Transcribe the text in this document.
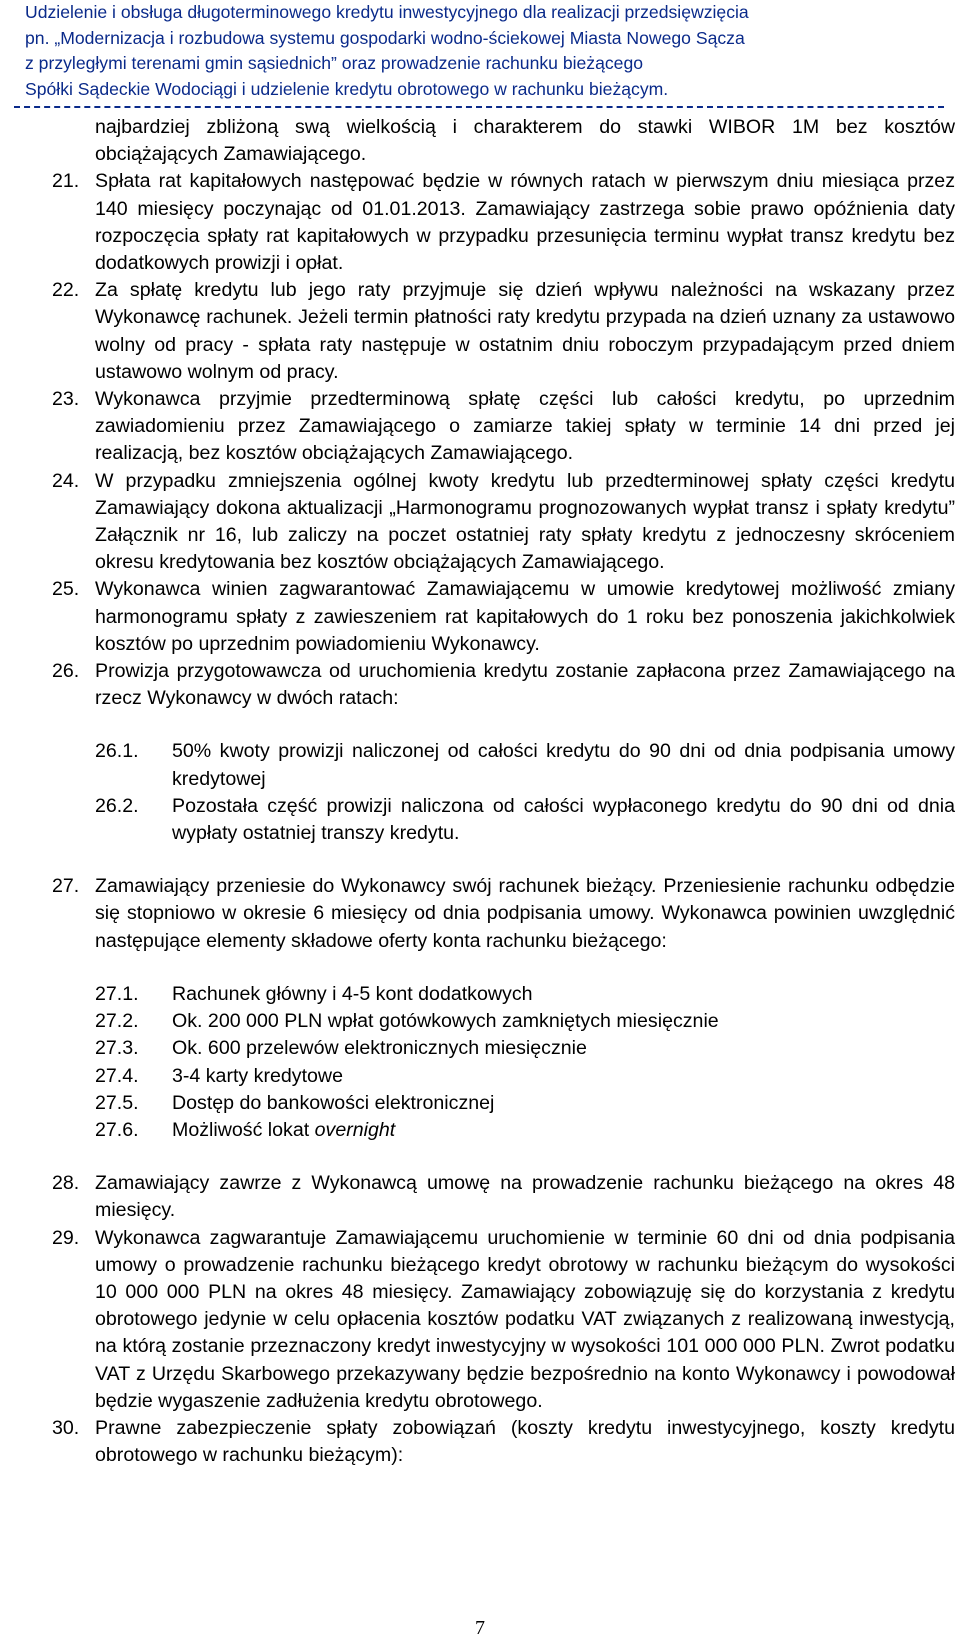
Udzielenie i obsługa długoterminowego kredytu inwestycyjnego dla realizacji przedsięwzięcia
pn. „Modernizacja i rozbudowa systemu gospodarki wodno-ściekowej Miasta Nowego Sącza
z przyległymi terenami gmin sąsiednich” oraz prowadzenie rachunku bieżącego
Spółki Sądeckie Wodociągi i udzielenie kredytu obrotowego w rachunku bieżącym.
najbardziej zbliżoną swą wielkością i charakterem do stawki WIBOR 1M bez kosztów obciążających Zamawiającego.
21. Spłata rat kapitałowych następować będzie w równych ratach w pierwszym dniu miesiąca przez 140 miesięcy poczynając od 01.01.2013. Zamawiający zastrzega sobie prawo opóźnienia daty rozpoczęcia spłaty rat kapitałowych w przypadku przesunięcia terminu wypłat transz kredytu bez dodatkowych prowizji i opłat.
22. Za spłatę kredytu lub jego raty przyjmuje się dzień wpływu należności na wskazany przez Wykonawcę rachunek. Jeżeli termin płatności raty kredytu przypada na dzień uznany za ustawowo wolny od pracy - spłata raty następuje w ostatnim dniu roboczym przypadającym przed dniem ustawowo wolnym od pracy.
23. Wykonawca przyjmie przedterminową spłatę części lub całości kredytu, po uprzednim zawiadomieniu przez Zamawiającego o zamiarze takiej spłaty w terminie 14 dni przed jej realizacją, bez kosztów obciążających Zamawiającego.
24. W przypadku zmniejszenia ogólnej kwoty kredytu lub przedterminowej spłaty części kredytu Zamawiający dokona aktualizacji „Harmonogramu prognozowanych wypłat transz i spłaty kredytu” Załącznik nr 16, lub zaliczy na poczet ostatniej raty spłaty kredytu z jednoczesny skróceniem okresu kredytowania bez kosztów obciążających Zamawiającego.
25. Wykonawca winien zagwarantować Zamawiającemu w umowie kredytowej możliwość zmiany harmonogramu spłaty z zawieszeniem rat kapitałowych do 1 roku bez ponoszenia jakichkolwiek kosztów po uprzednim powiadomieniu Wykonawcy.
26. Prowizja przygotowawcza od uruchomienia kredytu zostanie zapłacona przez Zamawiającego na rzecz Wykonawcy w dwóch ratach:
26.1. 50% kwoty prowizji naliczonej od całości kredytu do 90 dni od dnia podpisania umowy kredytowej
26.2. Pozostała część prowizji naliczona od całości wypłaconego kredytu do 90 dni od dnia wypłaty ostatniej transzy kredytu.
27. Zamawiający przeniesie do Wykonawcy swój rachunek bieżący. Przeniesienie rachunku odbędzie się stopniowo w okresie 6 miesięcy od dnia podpisania umowy. Wykonawca powinien uwzględnić następujące elementy składowe oferty konta rachunku bieżącego:
27.1. Rachunek główny i 4-5 kont dodatkowych
27.2. Ok. 200 000 PLN wpłat gotówkowych zamkniętych miesięcznie
27.3. Ok. 600 przelewów elektronicznych miesięcznie
27.4. 3-4 karty kredytowe
27.5. Dostęp do bankowości elektronicznej
27.6. Możliwość lokat overnight
28. Zamawiający zawrze z Wykonawcą umowę na prowadzenie rachunku bieżącego na okres 48 miesięcy.
29. Wykonawca zagwarantuje Zamawiającemu uruchomienie w terminie 60 dni od dnia podpisania umowy o prowadzenie rachunku bieżącego kredyt obrotowy w rachunku bieżącym do wysokości 10 000 000 PLN na okres 48 miesięcy. Zamawiający zobowiązuję się do korzystania z kredytu obrotowego jedynie w celu opłacenia kosztów podatku VAT związanych z realizowaną inwestycją, na którą zostanie przeznaczony kredyt inwestycyjny w wysokości 101 000 000 PLN. Zwrot podatku VAT z Urzędu Skarbowego przekazywany będzie bezpośrednio na konto Wykonawcy i powodował będzie wygaszenie zadłużenia kredytu obrotowego.
30. Prawne zabezpieczenie spłaty zobowiązań (koszty kredytu inwestycyjnego, koszty kredytu obrotowego w rachunku bieżącym):
7
